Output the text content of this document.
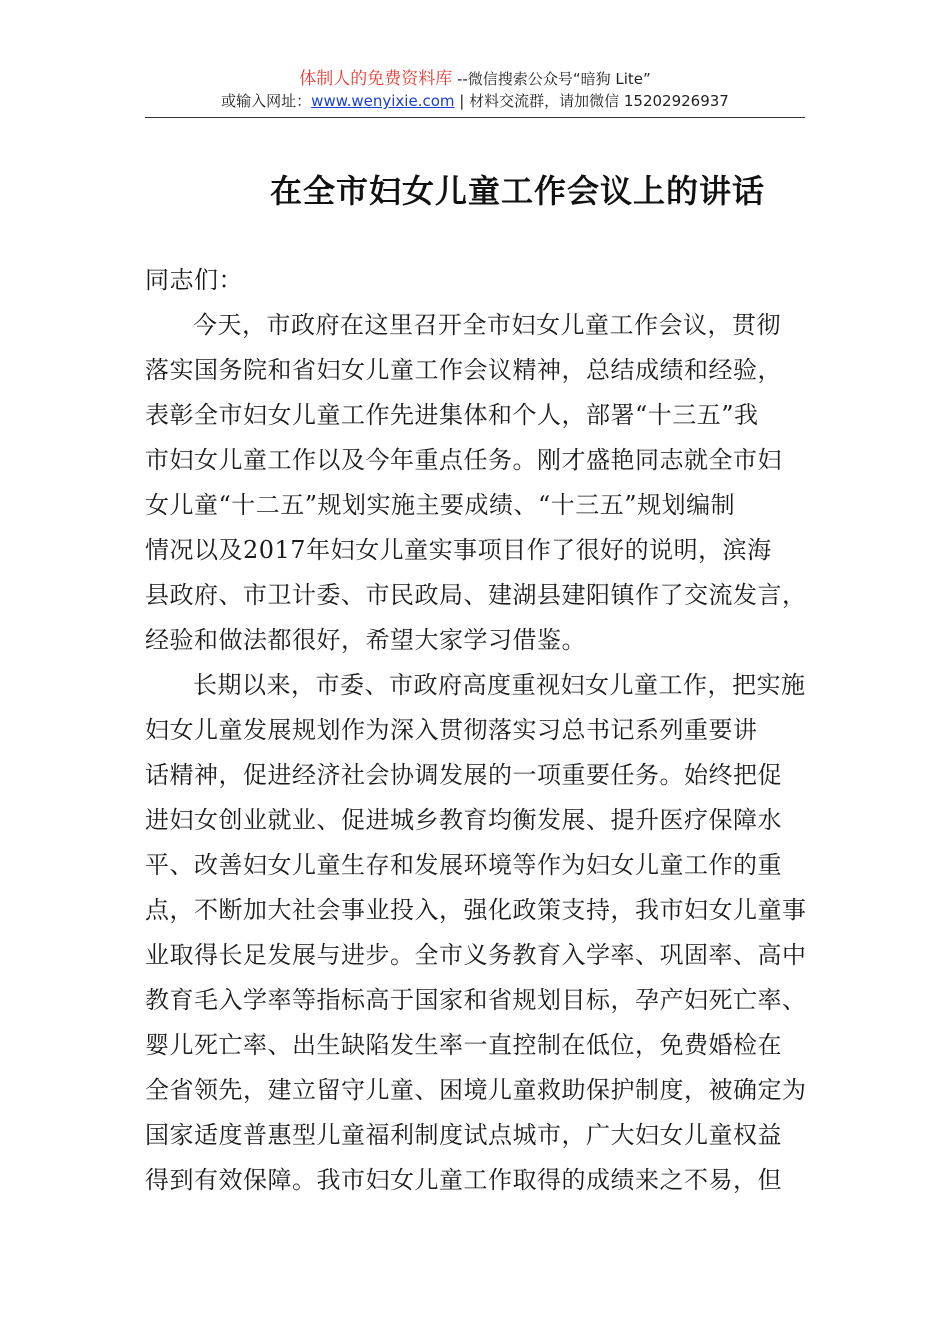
体制人的免费资料库 --微信搜索公众号“暗狗 Lite”
或输入网址：www.wenyixie.com | 材料交流群，请加微信 15202926937
在全市妇女儿童工作会议上的讲话
同志们：
今天，市政府在这里召开全市妇女儿童工作会议，贯彻
落实国务院和省妇女儿童工作会议精神，总结成绩和经验，
表彰全市妇女儿童工作先进集体和个人，部署“十三五”我
市妇女儿童工作以及今年重点任务。刚才盛艳同志就全市妇
女儿童“十二五”规划实施主要成绩、“十三五”规划编制
情况以及2017年妇女儿童实事项目作了很好的说明，滨海
县政府、市卫计委、市民政局、建湖县建阳镇作了交流发言，
经验和做法都很好，希望大家学习借鉴。
长期以来，市委、市政府高度重视妇女儿童工作，把实施
妇女儿童发展规划作为深入贯彻落实习总书记系列重要讲
话精神，促进经济社会协调发展的一项重要任务。始终把促
进妇女创业就业、促进城乡教育均衡发展、提升医疗保障水
平、改善妇女儿童生存和发展环境等作为妇女儿童工作的重
点，不断加大社会事业投入，强化政策支持，我市妇女儿童事
业取得长足发展与进步。全市义务教育入学率、巩固率、高中
教育毛入学率等指标高于国家和省规划目标，孕产妇死亡率、
婴儿死亡率、出生缺陷发生率一直控制在低位，免费婚检在
全省领先，建立留守儿童、困境儿童救助保护制度，被确定为
国家适度普惠型儿童福利制度试点城市，广大妇女儿童权益
得到有效保障。我市妇女儿童工作取得的成绩来之不易，但
